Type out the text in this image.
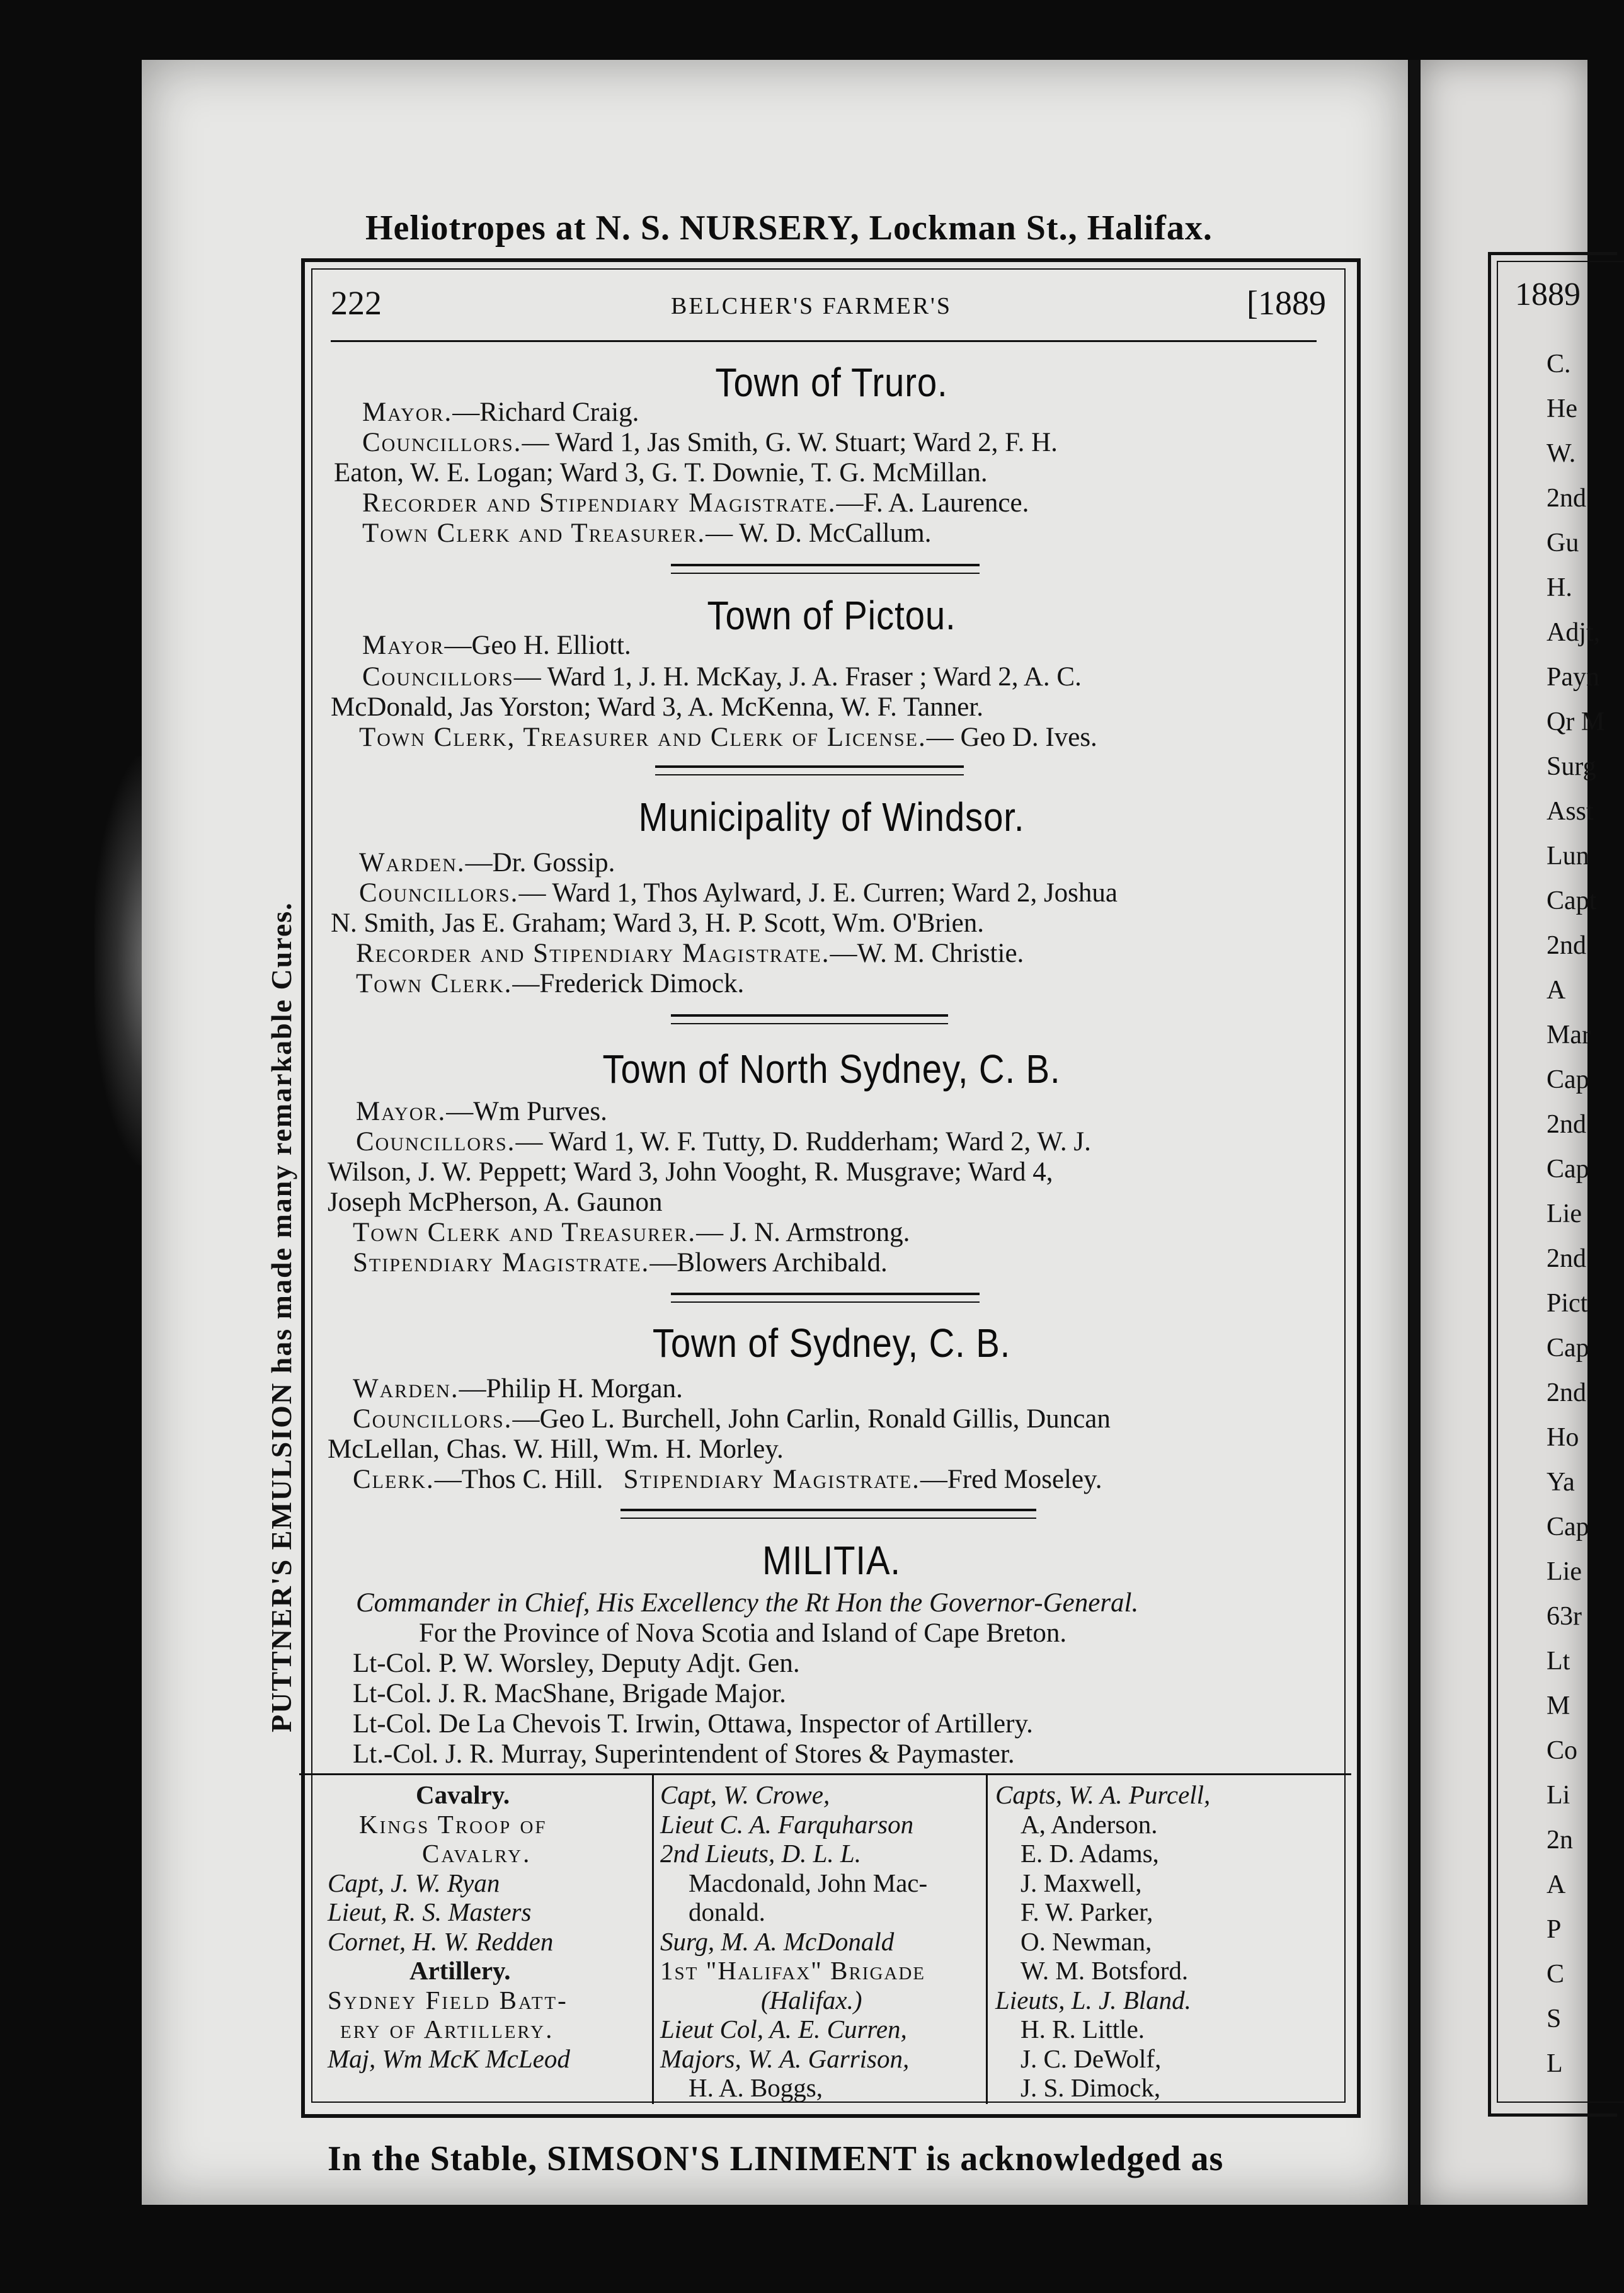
1889
C.
He
W.
2nd
Gu
H.
Adjt,
Payn
Qr M
Surg
Asst
Lun
Capt
2nd
A
Mar
Cap
2nd
Cap
Lie
2nd
Pict
Cap
2nd
Ho
Ya
Cap
Lie
63r
Lt
M
Co
Li
2n
A
P
C
S
L
Heliotropes at N. S. NURSERY, Lockman St., Halifax.
In the Stable, SIMSON'S LINIMENT is acknowledged as
PUTTNER'S EMULSION has made many remarkable Cures.
222	BELCHER'S FARMER'S	[1889
Town of Truro.
Mayor.—Richard Craig.
Councillors.— Ward 1, Jas Smith, G. W. Stuart; Ward 2, F. H.
Eaton, W. E. Logan; Ward 3, G. T. Downie, T. G. McMillan.
Recorder and Stipendiary Magistrate.—F. A. Laurence.
Town Clerk and Treasurer.— W. D. McCallum.
Town of Pictou.
Mayor—Geo H. Elliott.
Councillors— Ward 1, J. H. McKay, J. A. Fraser ; Ward 2, A. C.
McDonald, Jas Yorston; Ward 3, A. McKenna, W. F. Tanner.
Town Clerk, Treasurer and Clerk of License.— Geo D. Ives.
Municipality of Windsor.
Warden.—Dr. Gossip.
Councillors.— Ward 1, Thos Aylward, J. E. Curren; Ward 2, Joshua
N. Smith, Jas E. Graham; Ward 3, H. P. Scott, Wm. O'Brien.
Recorder and Stipendiary Magistrate.—W. M. Christie.
Town Clerk.—Frederick Dimock.
Town of North Sydney, C. B.
Mayor.—Wm Purves.
Councillors.— Ward 1, W. F. Tutty, D. Rudderham; Ward 2, W. J.
Wilson, J. W. Peppett; Ward 3, John Vooght, R. Musgrave; Ward 4,
Joseph McPherson, A. Gaunon
Town Clerk and Treasurer.— J. N. Armstrong.
Stipendiary Magistrate.—Blowers Archibald.
Town of Sydney, C. B.
Warden.—Philip H. Morgan.
Councillors.—Geo L. Burchell, John Carlin, Ronald Gillis, Duncan
McLellan, Chas. W. Hill, Wm. H. Morley.
Clerk.—Thos C. Hill. Stipendiary Magistrate.—Fred Moseley.
MILITIA.
Commander in Chief, His Excellency the Rt Hon the Governor-General.
For the Province of Nova Scotia and Island of Cape Breton.
Lt-Col. P. W. Worsley, Deputy Adjt. Gen.
Lt-Col. J. R. MacShane, Brigade Major.
Lt-Col. De La Chevois T. Irwin, Ottawa, Inspector of Artillery.
Lt.-Col. J. R. Murray, Superintendent of Stores & Paymaster.
Cavalry.
Kings Troop of
Cavalry.
Capt, J. W. Ryan
Lieut, R. S. Masters
Cornet, H. W. Redden
Artillery.
Sydney Field Batt-
ery of Artillery.
Maj, Wm McK McLeod
Capt, W. Crowe,
Lieut C. A. Farquharson
2nd Lieuts, D. L. L.
Macdonald, John Mac-
donald.
Surg, M. A. McDonald
1st "Halifax" Brigade
(Halifax.)
Lieut Col, A. E. Curren,
Majors, W. A. Garrison,
H. A. Boggs,
Capts, W. A. Purcell,
A, Anderson.
E. D. Adams,
J. Maxwell,
F. W. Parker,
O. Newman,
W. M. Botsford.
Lieuts, L. J. Bland.
H. R. Little.
J. C. DeWolf,
J. S. Dimock,
